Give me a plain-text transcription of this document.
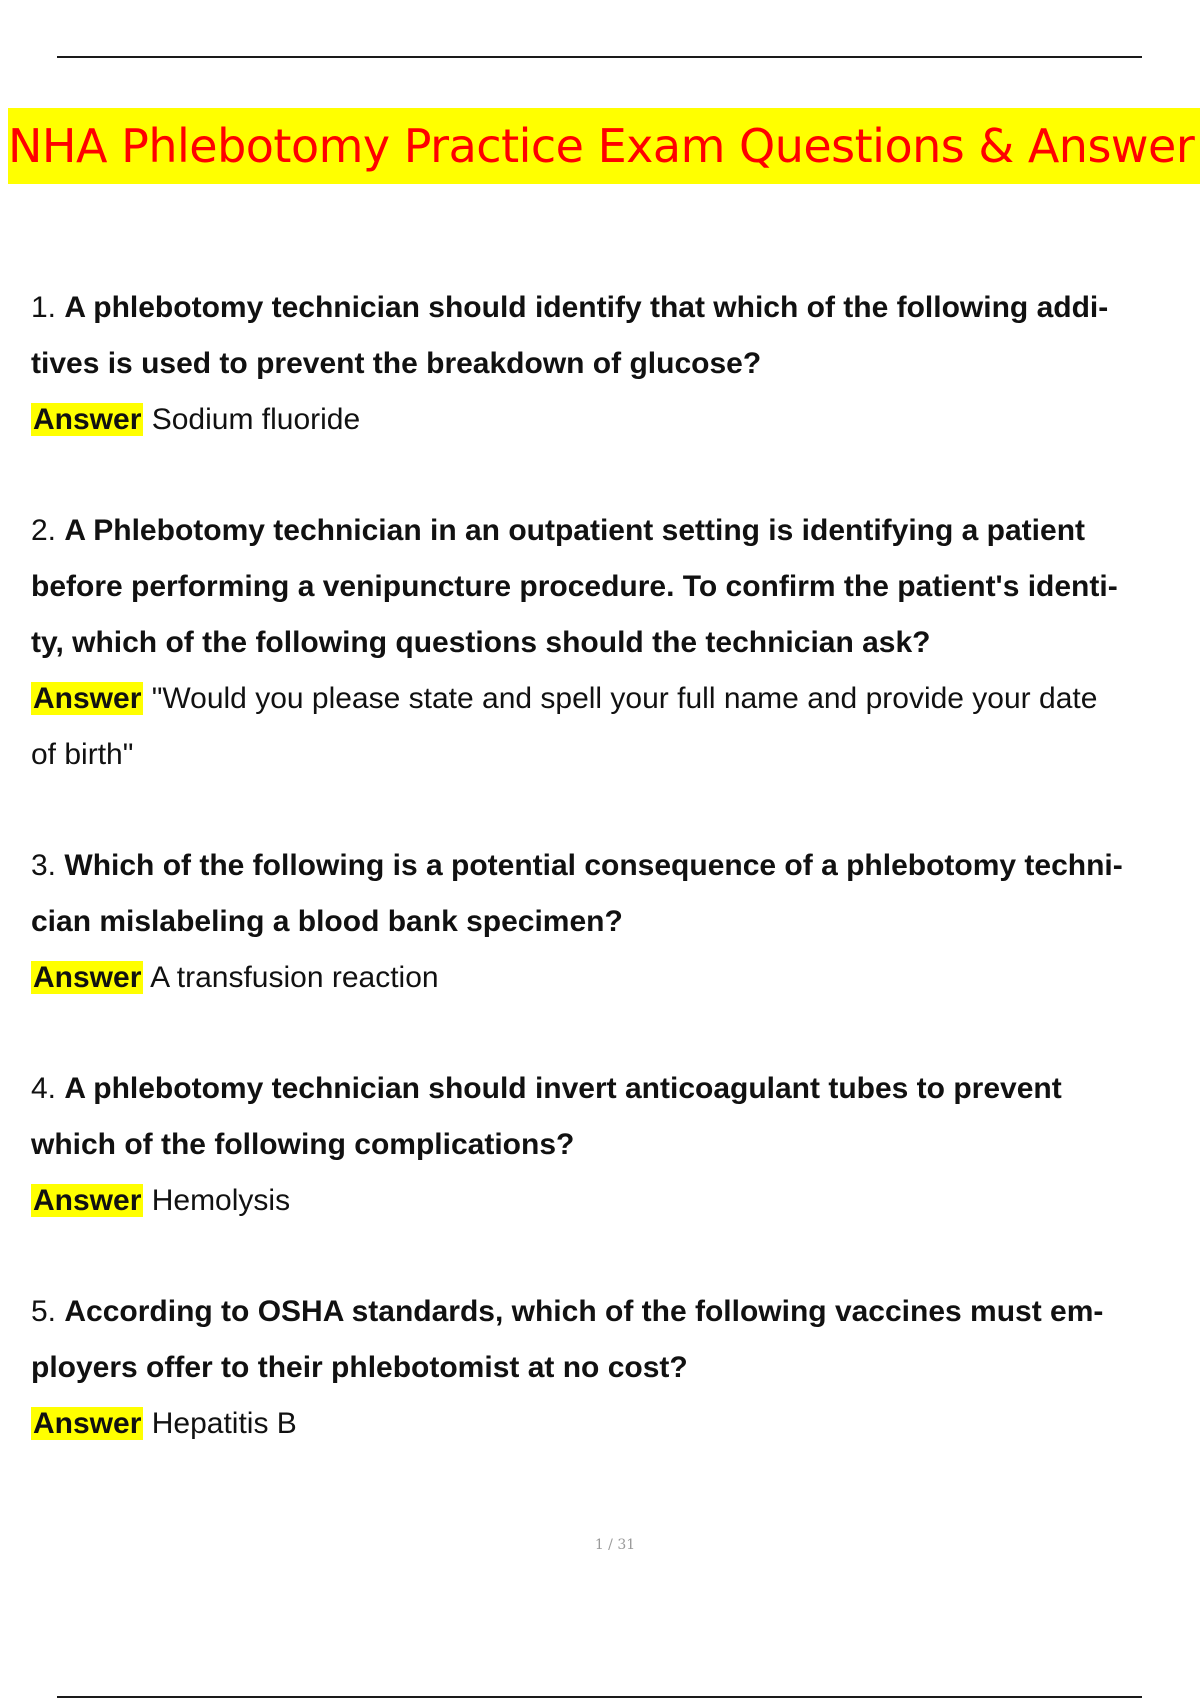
NHA Phlebotomy Practice Exam Questions & Answer
1. A phlebotomy technician should identify that which of the following addi-
tives is used to prevent the breakdown of glucose?
Answer Sodium fluoride
2. A Phlebotomy technician in an outpatient setting is identifying a patient
before performing a venipuncture procedure. To confirm the patient's identi-
ty, which of the following questions should the technician ask?
Answer "Would you please state and spell your full name and provide your date
of birth"
3. Which of the following is a potential consequence of a phlebotomy techni-
cian mislabeling a blood bank specimen?
Answer A transfusion reaction
4. A phlebotomy technician should invert anticoagulant tubes to prevent
which of the following complications?
Answer Hemolysis
5. According to OSHA standards, which of the following vaccines must em-
ployers offer to their phlebotomist at no cost?
Answer Hepatitis B
1 / 31
